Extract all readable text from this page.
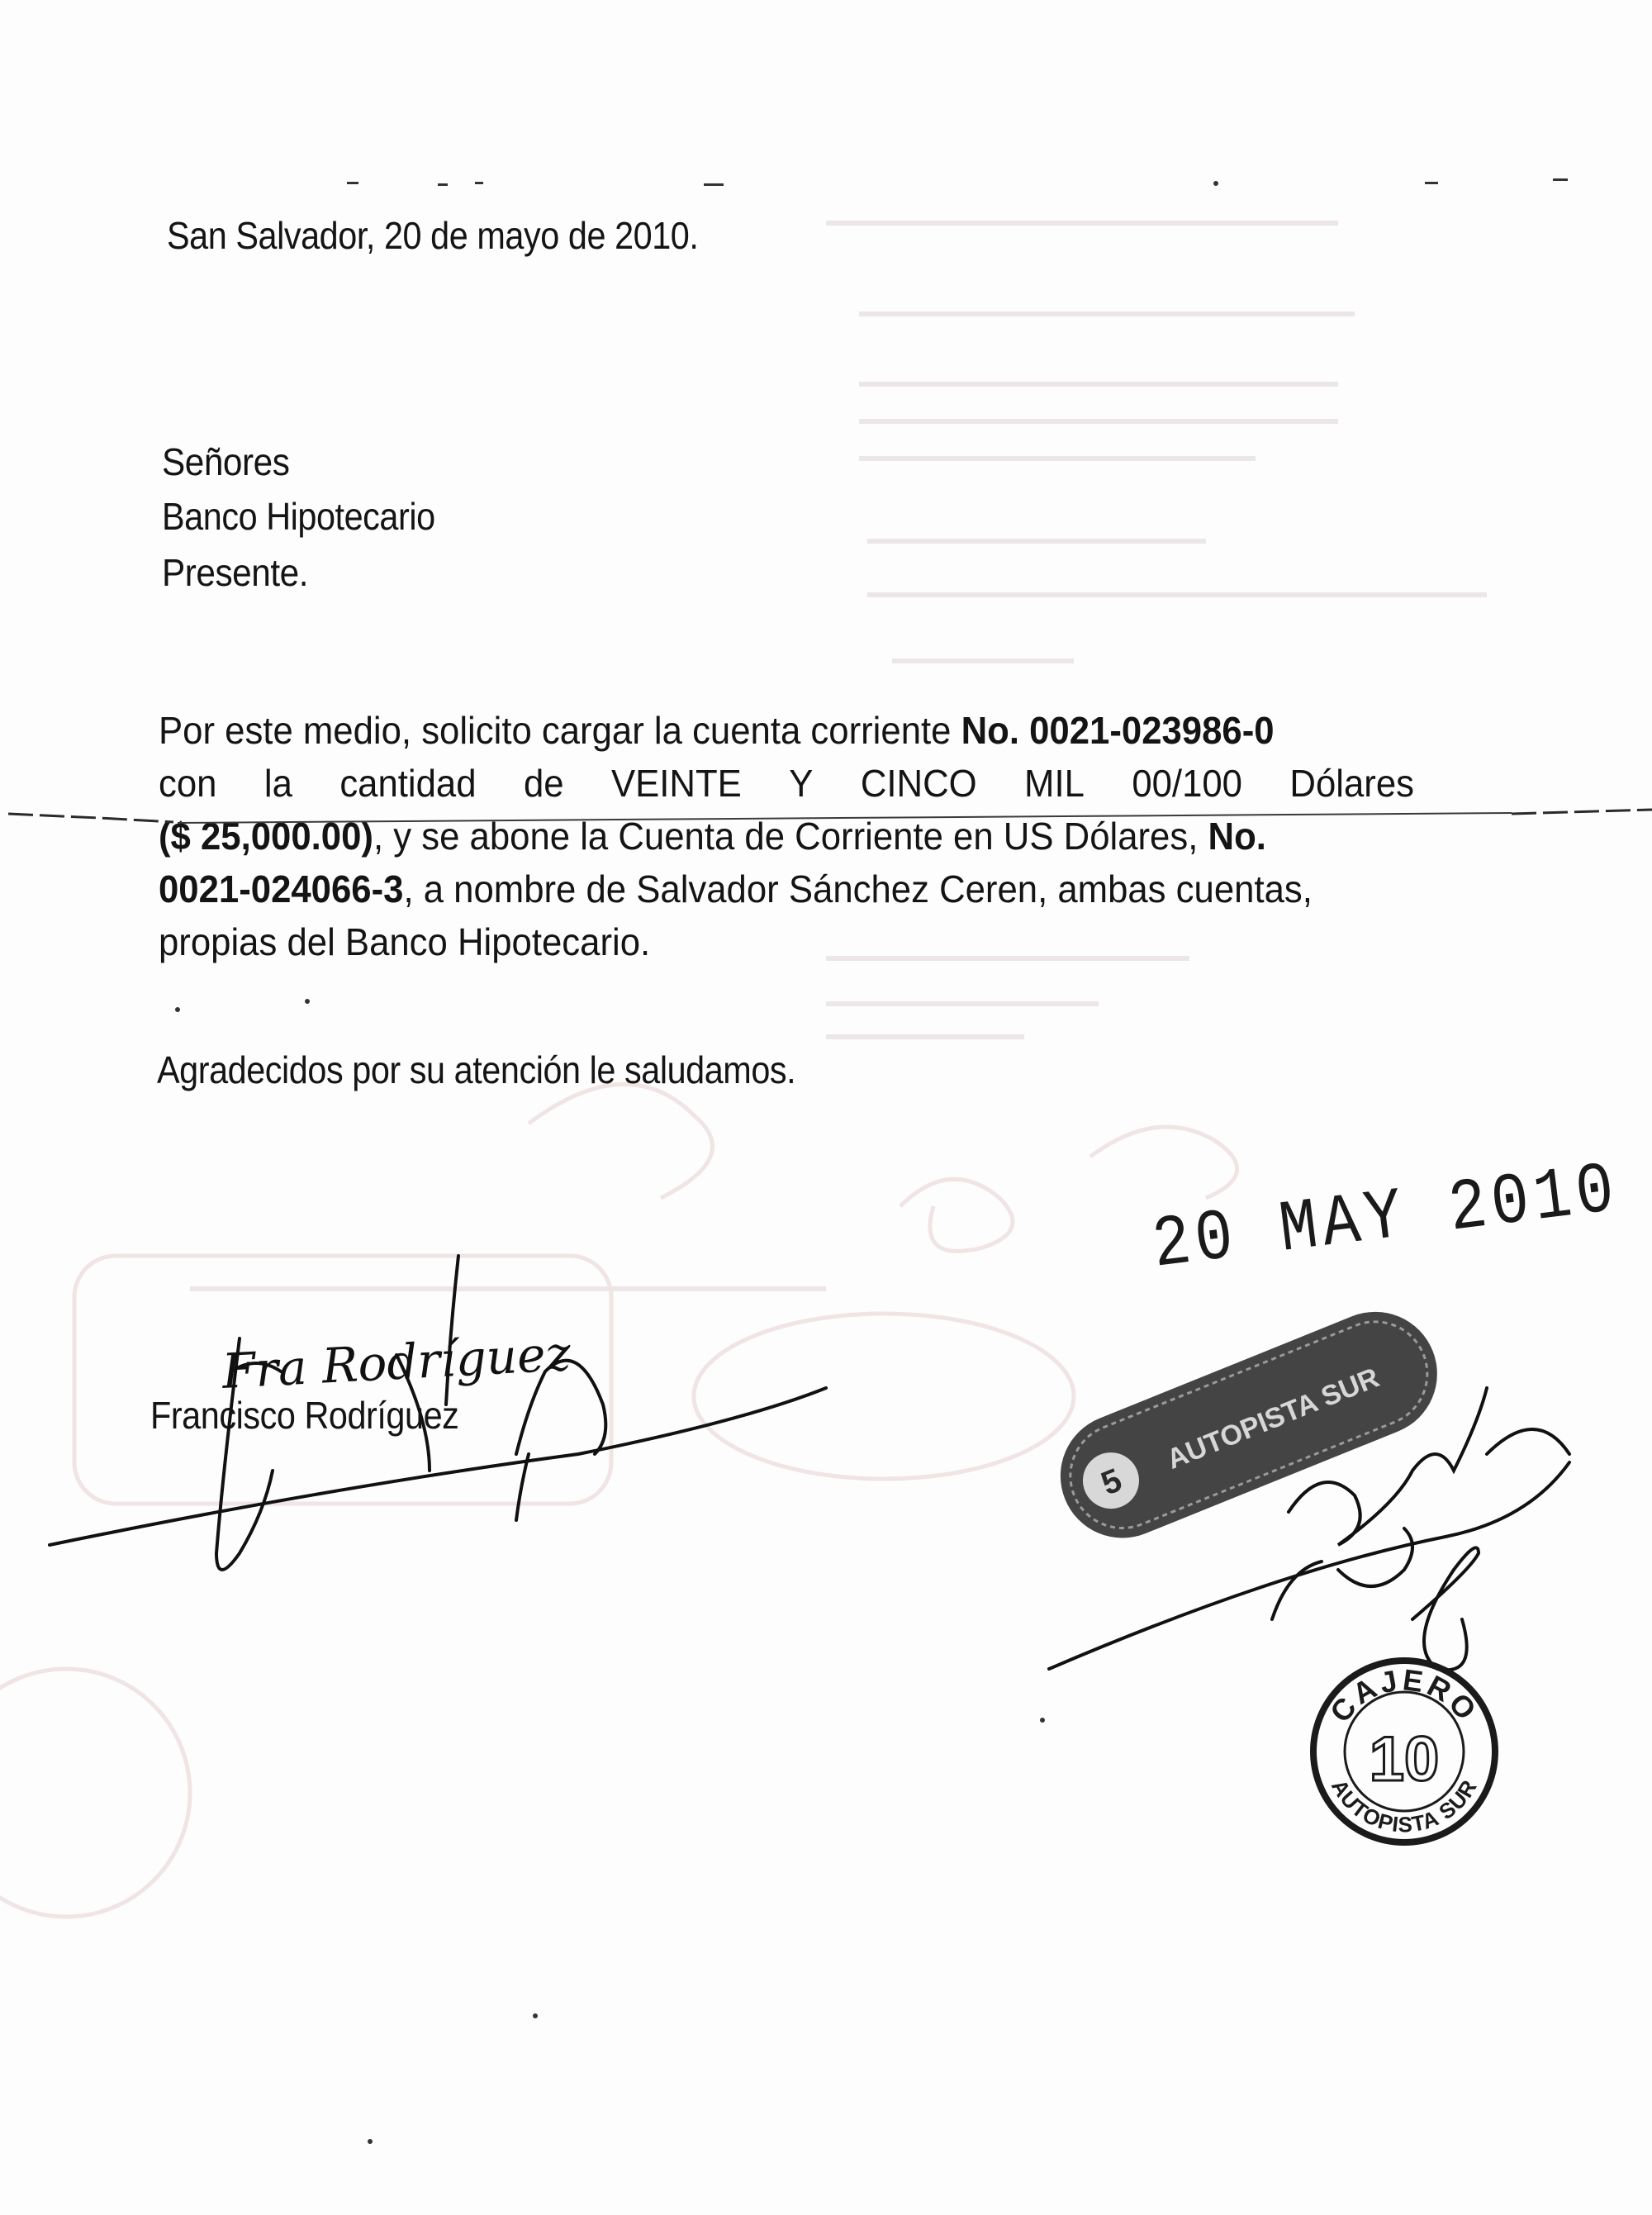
San Salvador, 20 de mayo de 2010.
Señores
Banco Hipotecario
Presente.
Por este medio, solicito cargar la cuenta corriente No. 0021-023986-0
con la cantidad de VEINTE Y CINCO MIL 00/100 Dólares
($ 25,000.00), y se abone la Cuenta de Corriente en US Dólares, No.
0021-024066-3, a nombre de Salvador Sánchez Ceren, ambas cuentas,
propias del Banco Hipotecario.
Agradecidos por su atención le saludamos.
Francisco Rodríguez
20 MAY 2010
Fra Rodríguez
5
AUTOPISTA SUR
CAJERO
10
AUTOPISTA SUR
